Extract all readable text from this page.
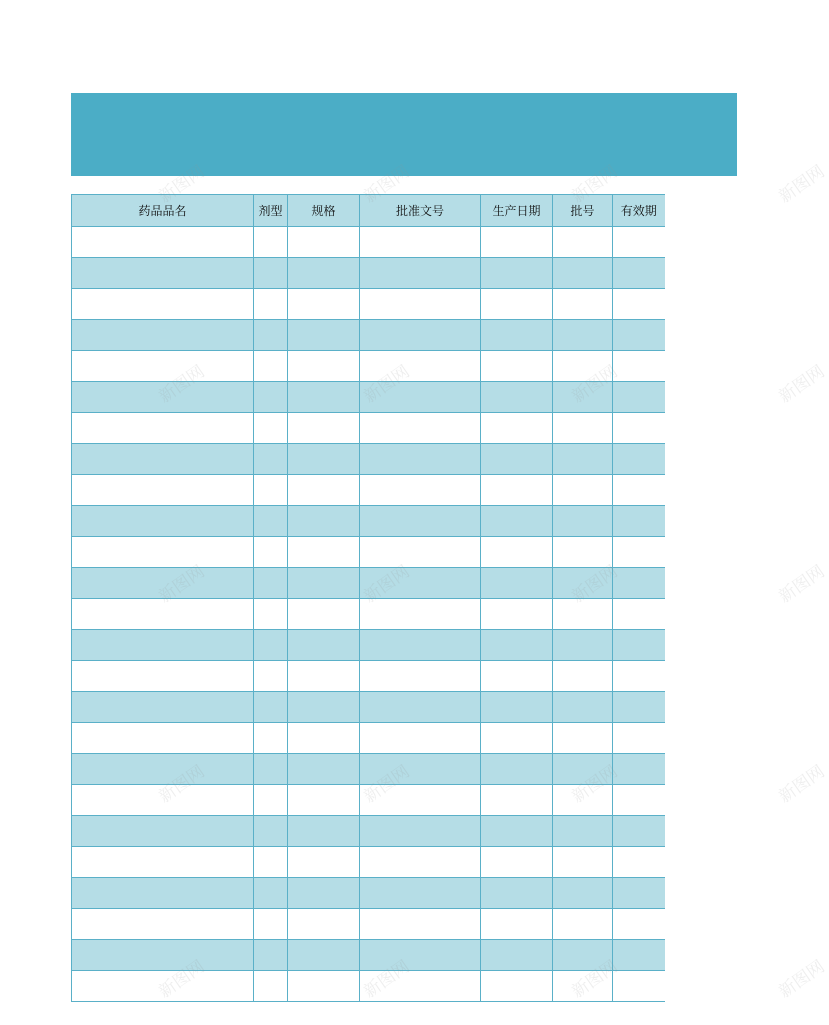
药品品名	剂型	规格	批准文号	生产日期	批号	有效期

新图网	新图网	新图网	新图网
新图网
新图网
新图网
新图网
